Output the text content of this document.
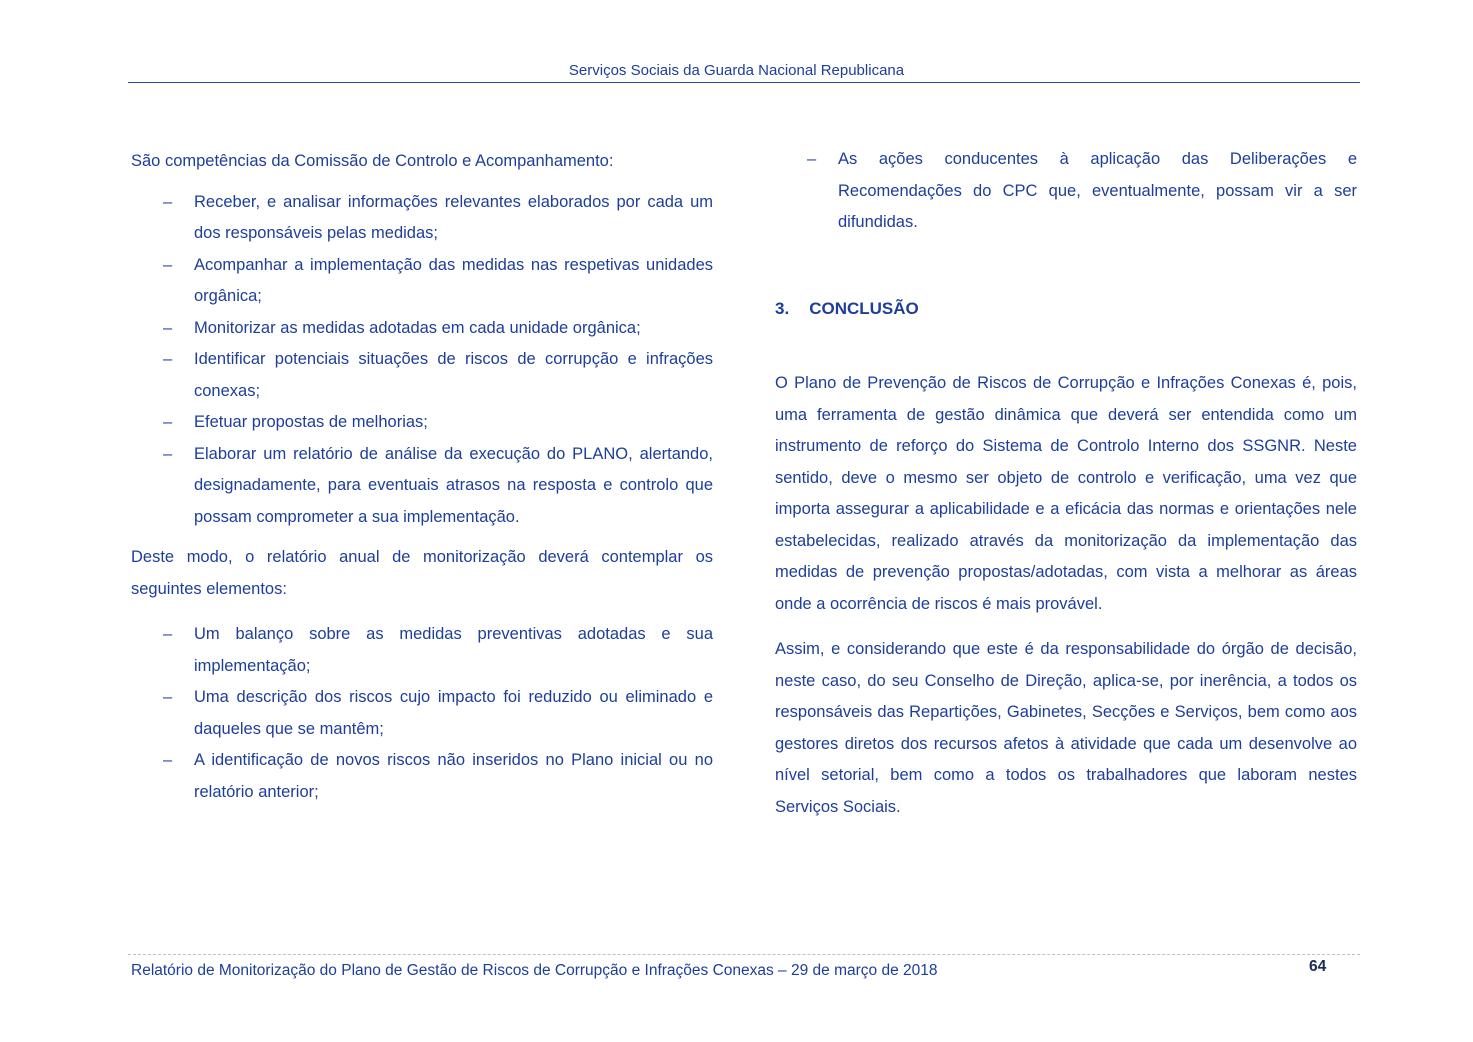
Serviços Sociais da Guarda Nacional Republicana

São competências da Comissão de Controlo e Acompanhamento:

– Receber, e analisar informações relevantes elaborados por cada um dos responsáveis pelas medidas;
– Acompanhar a implementação das medidas nas respetivas unidades orgânica;
– Monitorizar as medidas adotadas em cada unidade orgânica;
– Identificar potenciais situações de riscos de corrupção e infrações conexas;
– Efetuar propostas de melhorias;
– Elaborar um relatório de análise da execução do PLANO, alertando, designadamente, para eventuais atrasos na resposta e controlo que possam comprometer a sua implementação.

Deste modo, o relatório anual de monitorização deverá contemplar os seguintes elementos:

– Um balanço sobre as medidas preventivas adotadas e sua implementação;
– Uma descrição dos riscos cujo impacto foi reduzido ou eliminado e daqueles que se mantêm;
– A identificação de novos riscos não inseridos no Plano inicial ou no relatório anterior;
– As ações conducentes à aplicação das Deliberações e Recomendações do CPC que, eventualmente, possam vir a ser difundidas.
3. CONCLUSÃO

O Plano de Prevenção de Riscos de Corrupção e Infrações Conexas é, pois, uma ferramenta de gestão dinâmica que deverá ser entendida como um instrumento de reforço do Sistema de Controlo Interno dos SSGNR. Neste sentido, deve o mesmo ser objeto de controlo e verificação, uma vez que importa assegurar a aplicabilidade e a eficácia das normas e orientações nele estabelecidas, realizado através da monitorização da implementação das medidas de prevenção propostas/adotadas, com vista a melhorar as áreas onde a ocorrência de riscos é mais provável.

Assim, e considerando que este é da responsabilidade do órgão de decisão, neste caso, do seu Conselho de Direção, aplica-se, por inerência, a todos os responsáveis das Repartições, Gabinetes, Secções e Serviços, bem como aos gestores diretos dos recursos afetos à atividade que cada um desenvolve ao nível setorial, bem como a todos os trabalhadores que laboram nestes Serviços Sociais.

Relatório de Monitorização do Plano de Gestão de Riscos de Corrupção e Infrações Conexas – 29 de março de 2018	64
